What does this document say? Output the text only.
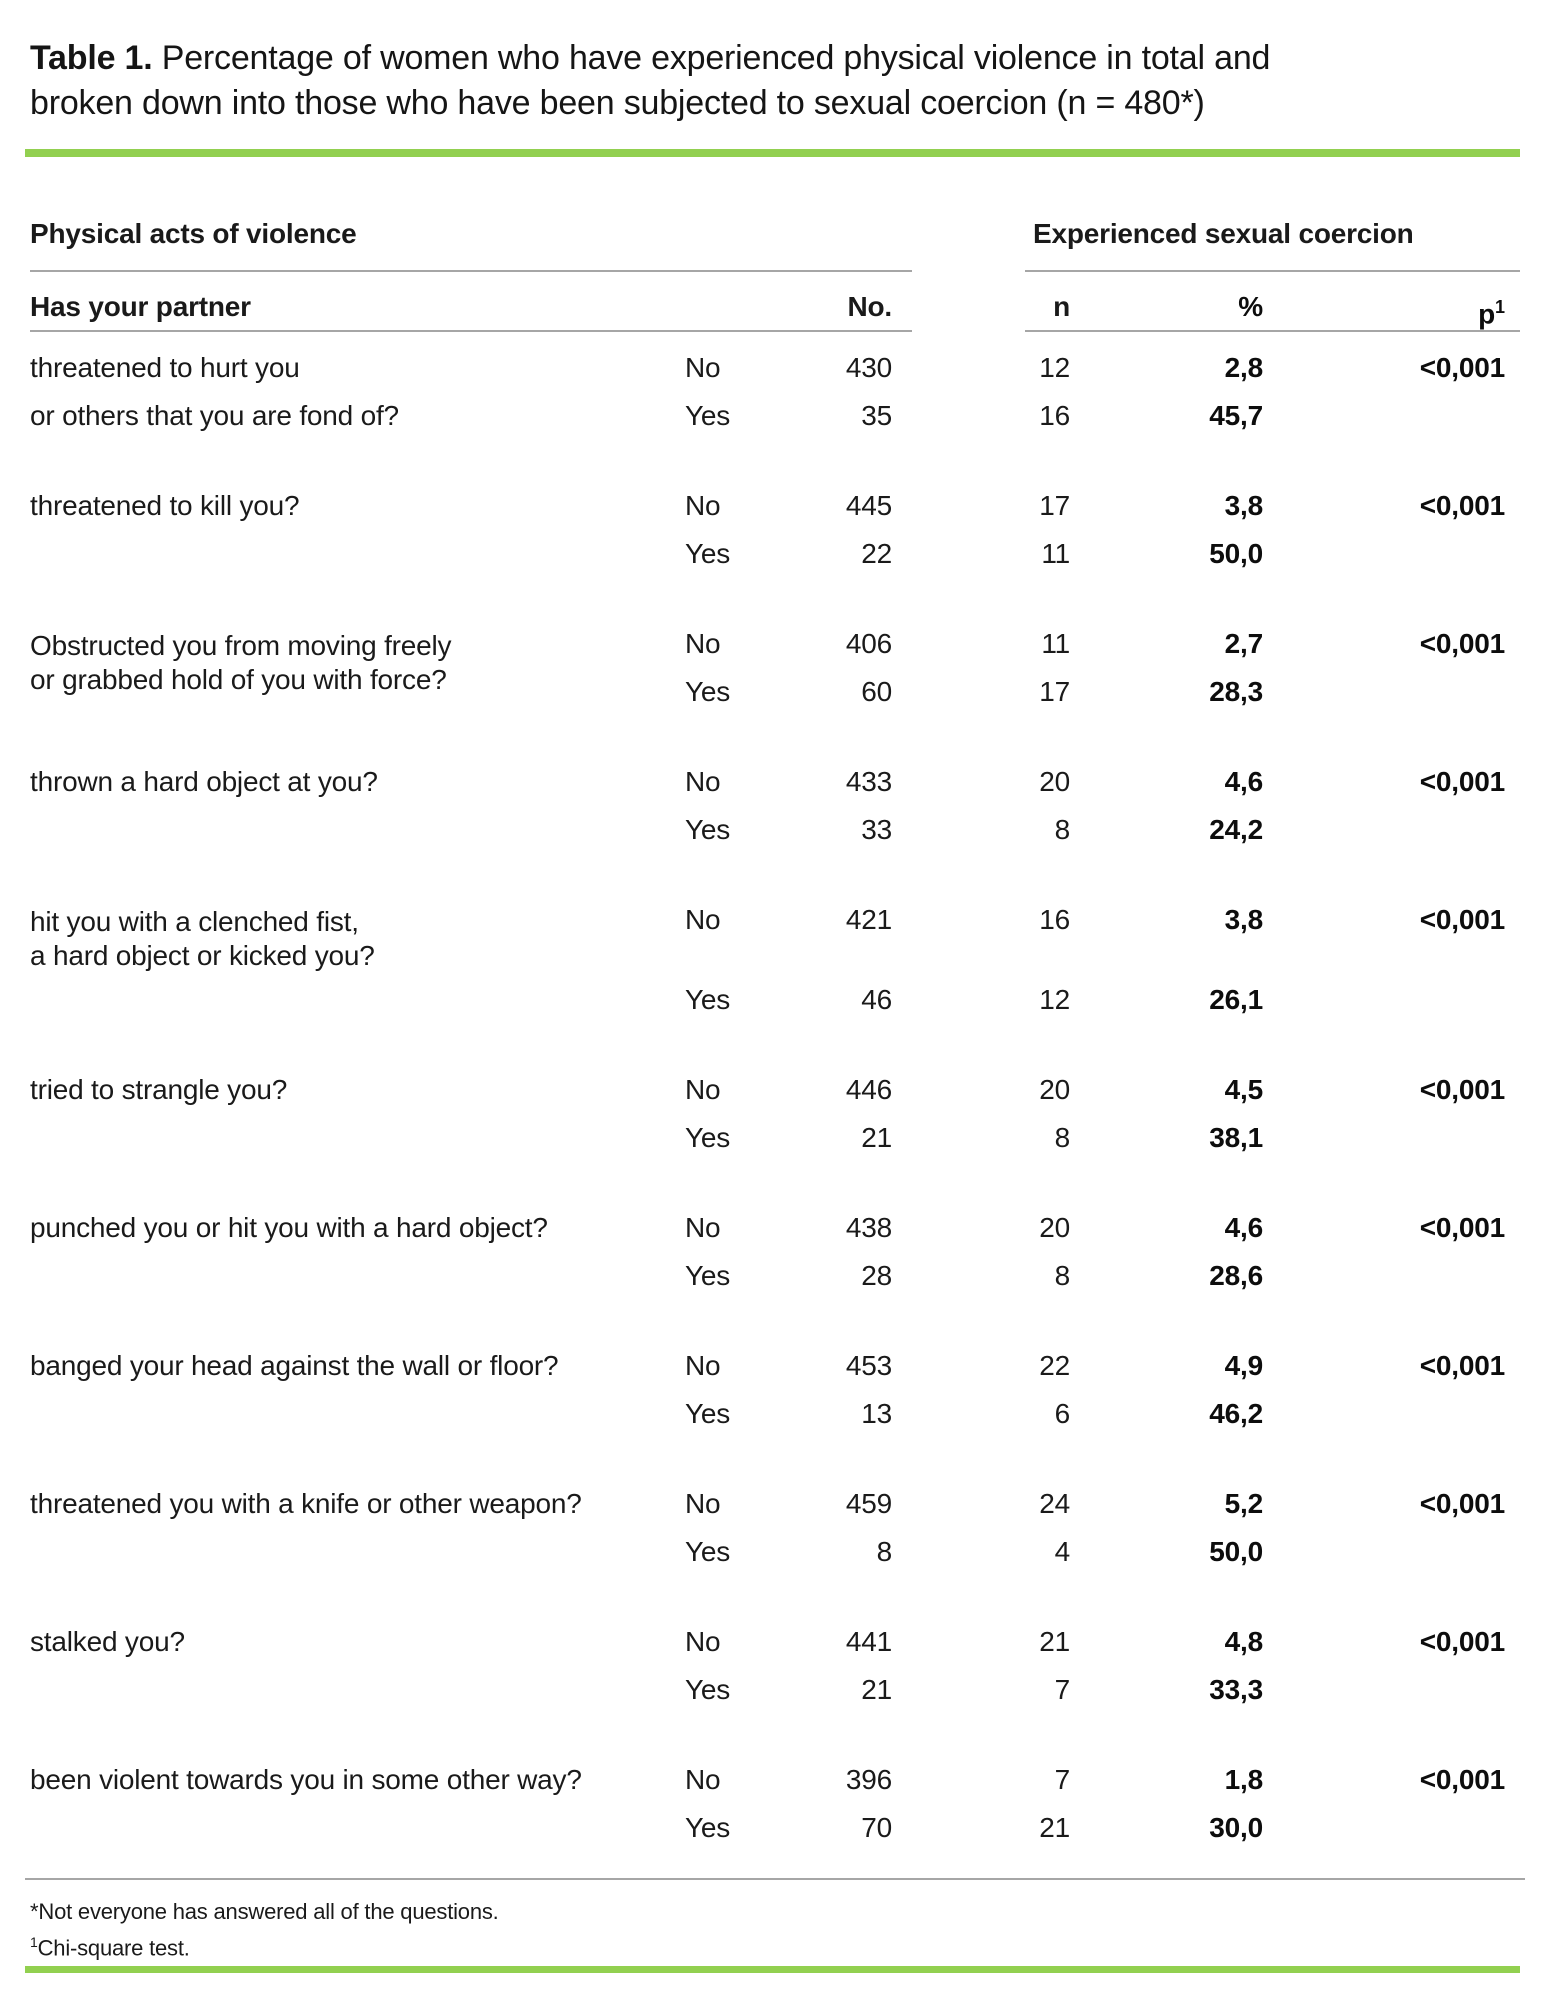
Table 1. Percentage of women who have experienced physical violence in total and
broken down into those who have been subjected to sexual coercion (n = 480*)
Physical acts of violence	Experienced sexual coercion
Has your partner	No.	n	%	$p^1$
threatened to hurt you	No	430	12	2,8	<0,001
or others that you are fond of?	Yes	35	16	45,7
threatened to kill you?	No	445	17	3,8	<0,001
Yes	22	11	50,0
Obstructed you from moving freely
or grabbed hold of you with force?
No	406	11	2,7	<0,001
Yes	60	17	28,3
thrown a hard object at you?	No	433	20	4,6	<0,001
Yes	33	8	24,2
hit you with a clenched fist,
a hard object or kicked you?
No	421	16	3,8	<0,001
Yes	46	12	26,1
tried to strangle you?	No	446	20	4,5	<0,001
Yes	21	8	38,1
punched you or hit you with a hard object?	No	438	20	4,6	<0,001
Yes	28	8	28,6
banged your head against the wall or floor?	No	453	22	4,9	<0,001
Yes	13	6	46,2
threatened you with a knife or other weapon?	No	459	24	5,2	<0,001
Yes	8	4	50,0
stalked you?	No	441	21	4,8	<0,001
Yes	21	7	33,3
been violent towards you in some other way?	No	396	7	1,8	<0,001
Yes	70	21	30,0
*Not everyone has answered all of the questions.
$^1$Chi-square test.
